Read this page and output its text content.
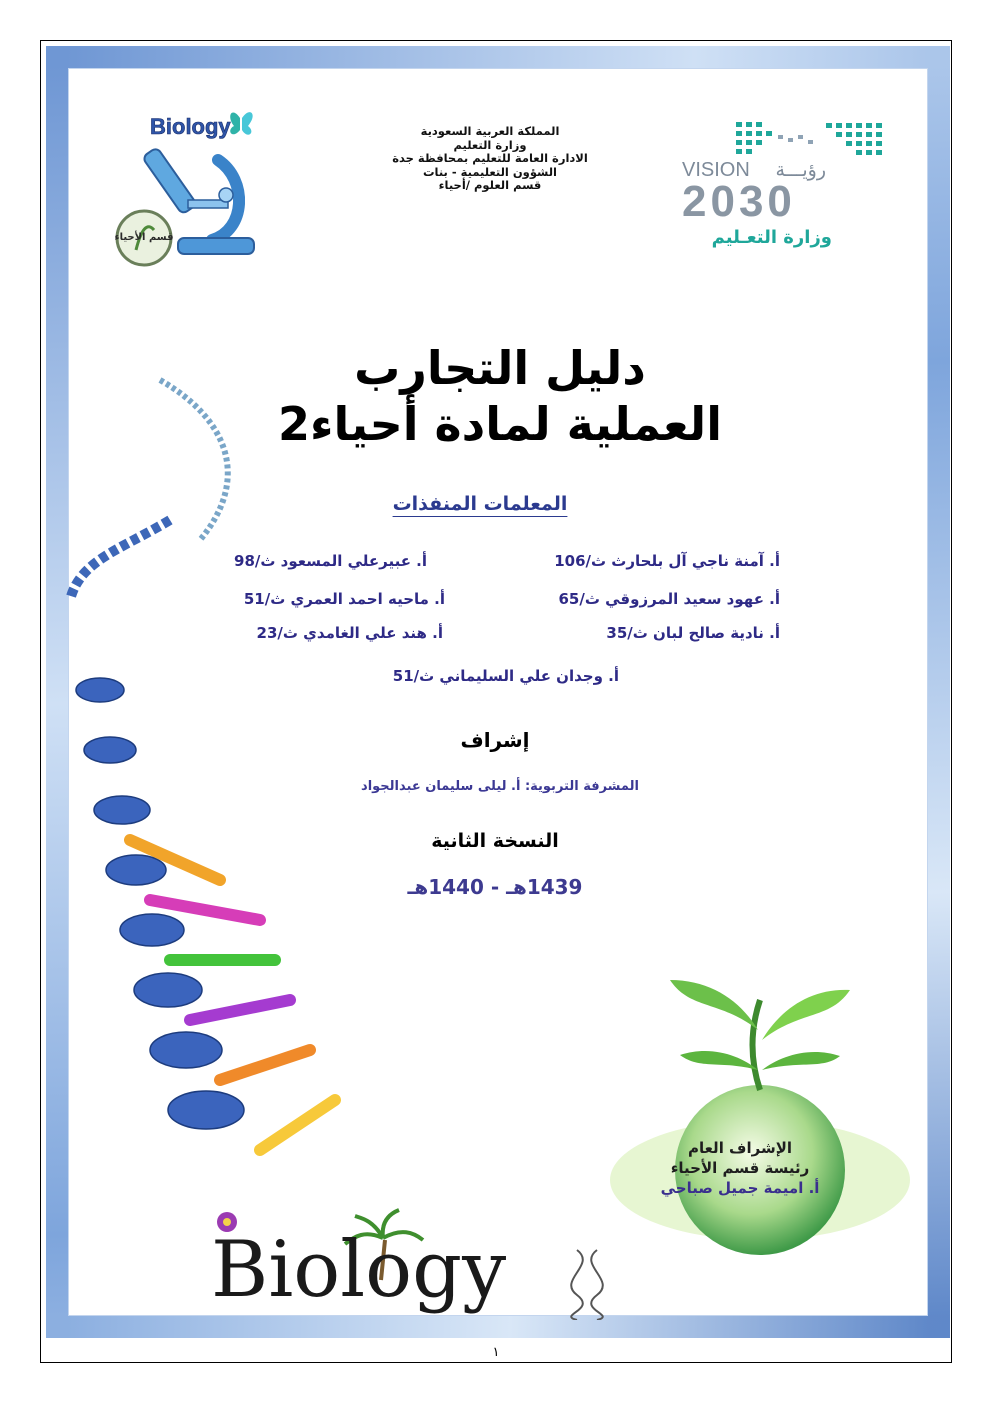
Biology
قسم الأحياء
المملكة العربية السعودية
وزارة التعليم
الادارة العامة للتعليم بمحافظة جدة
الشؤون التعليمية - بنات
قسم العلوم /أحياء
VISION رؤيـــة
2030
وزارة التعـليم
دليل التجارب
العملية لمادة أحياء2
المعلمات المنفذات
أ. آمنة ناجي آل بلحارث ث/106
أ. عهود سعيد المرزوقي ث/65
أ. نادية صالح لبان ث/35
أ. عبيرعلي المسعود ث/98
أ. ماحيه احمد العمري ث/51
أ. هند علي الغامدي ث/23
أ. وجدان علي السليماني ث/51
إشراف
المشرفة التربوية: أ. ليلى سليمان عبدالجواد
النسخة الثانية
1439هـ - 1440هـ
الإشراف العام
رئيسة قسم الأحياء
أ. اميمة جميل صباحي
Biology
١
